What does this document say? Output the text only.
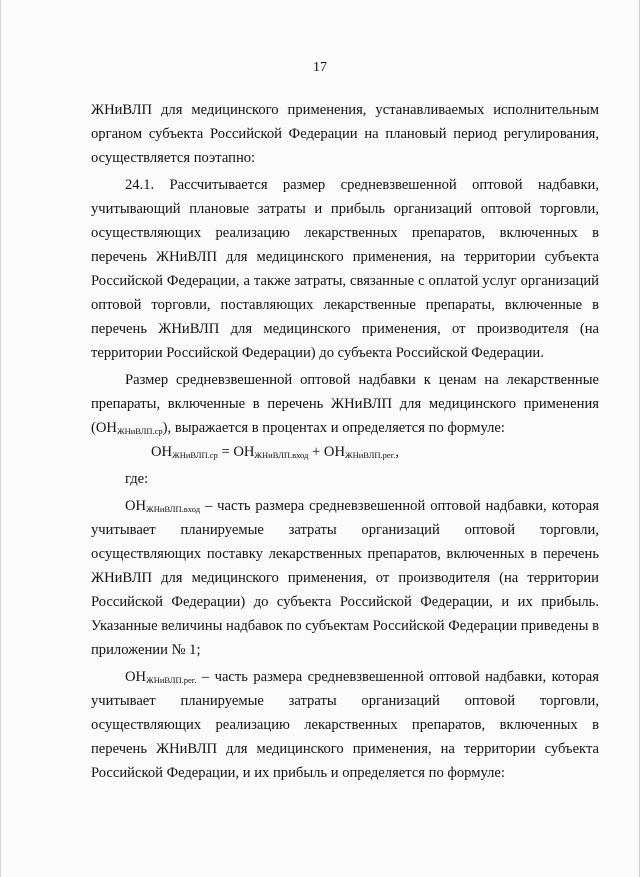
17

ЖНиВЛП для медицинского применения, устанавливаемых исполнительным органом субъекта Российской Федерации на плановый период регулирования, осуществляется поэтапно:

24.1. Рассчитывается размер средневзвешенной оптовой надбавки, учитывающий плановые затраты и прибыль организаций оптовой торговли, осуществляющих реализацию лекарственных препаратов, включенных в перечень ЖНиВЛП для медицинского применения, на территории субъекта Российской Федерации, а также затраты, связанные с оплатой услуг организаций оптовой торговли, поставляющих лекарственные препараты, включенные в перечень ЖНиВЛП для медицинского применения, от производителя (на территории Российской Федерации) до субъекта Российской Федерации.

Размер средневзвешенной оптовой надбавки к ценам на лекарственные препараты, включенные в перечень ЖНиВЛП для медицинского применения $(ОН_{ЖНиВЛП.ср})$, выражается в процентах и определяется по формуле:

$ОН_{ЖНиВЛП.ср} = ОН_{ЖНиВЛП.вход} + ОН_{ЖНиВЛП.рег.}$,

где:

$ОН_{ЖНиВЛП.вход}$ – часть размера средневзвешенной оптовой надбавки, которая учитывает планируемые затраты организаций оптовой торговли, осуществляющих поставку лекарственных препаратов, включенных в перечень ЖНиВЛП для медицинского применения, от производителя (на территории Российской Федерации) до субъекта Российской Федерации, и их прибыль. Указанные величины надбавок по субъектам Российской Федерации приведены в приложении № 1;

$ОН_{ЖНиВЛП.рег.}$ – часть размера средневзвешенной оптовой надбавки, которая учитывает планируемые затраты организаций оптовой торговли, осуществляющих реализацию лекарственных препаратов, включенных в перечень ЖНиВЛП для медицинского применения, на территории субъекта Российской Федерации, и их прибыль и определяется по формуле:
